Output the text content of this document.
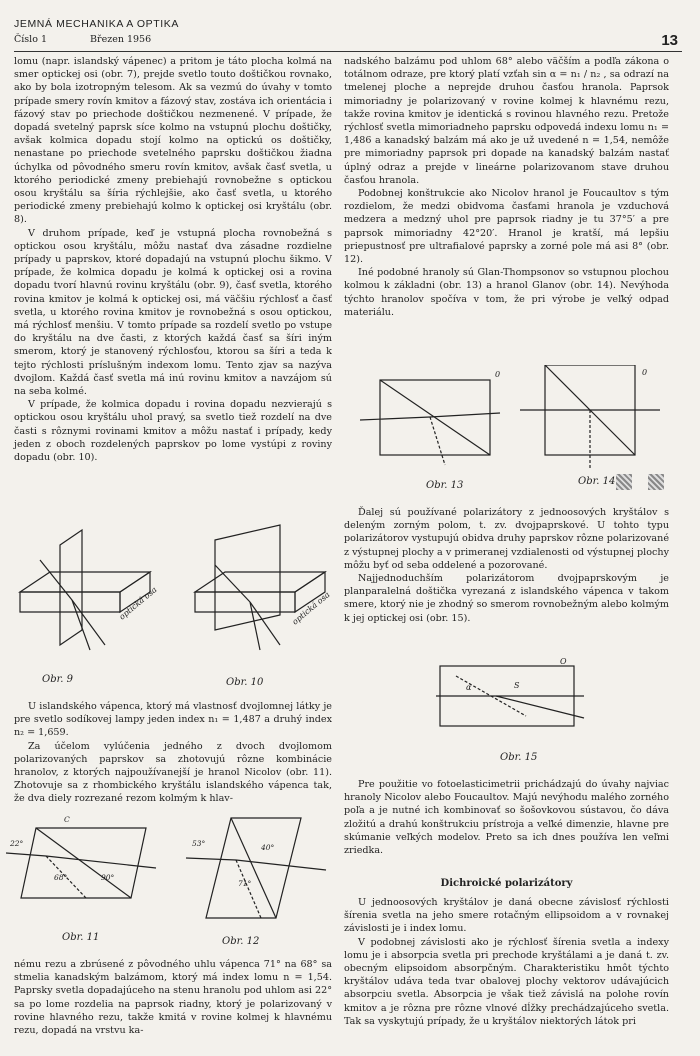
JEMNÁ MECHANIKA A OPTIKA
Číslo 1	Březen 1956	13

lomu (napr. islandský vápenec) a pritom je táto plocha kolmá na smer optickej osi (obr. 7), prejde svetlo touto doštičkou rovnako, ako by bola izotropným telesom. Ak sa vezmú do úvahy v tomto prípade smery rovín kmitov a fázový stav, zostáva ich orientácia i fázový stav po priechode doštičkou nezmenené. V prípade, že dopadá svetelný paprsk síce kolmo na vstupnú plochu doštičky, avšak kolmica dopadu stojí kolmo na optickú os doštičky, nenastane po priechode svetelného paprsku doštičkou žiadna úchylka od pôvodného smeru rovín kmitov, avšak časť svetla, u ktorého periodické zmeny prebiehajú rovnobežne s optickou osou kryštálu sa šíria rýchlejšie, ako časť svetla, u ktorého periodické zmeny prebiehajú kolmo k optickej osi kryštálu (obr. 8).

V druhom prípade, keď je vstupná plocha rovnobežná s optickou osou kryštálu, môžu nastať dva zásadne rozdielne prípady u paprskov, ktoré dopadajú na vstupnú plochu šikmo. V prípade, že kolmica dopadu je kolmá k optickej osi a rovina dopadu tvorí hlavnú rovinu kryštálu (obr. 9), časť svetla, ktorého rovina kmitov je kolmá k optickej osi, má väčšiu rýchlosť a časť svetla, u ktorého rovina kmitov je rovnobežná s osou optickou, má rýchlosť menšiu. V tomto prípade sa rozdelí svetlo po vstupe do kryštálu na dve časti, z ktorých každá časť sa šíri iným smerom, ktorý je stanovený rýchlosťou, ktorou sa šíri a teda k tejto rýchlosti príslušným indexom lomu. Tento zjav sa nazýva dvojlom. Každá časť svetla má inú rovinu kmitov a navzájom sú na seba kolmé.

V prípade, že kolmica dopadu i rovina dopadu nezvierajú s optickou osou kryštálu uhol pravý, sa svetlo tiež rozdelí na dve časti s rôznymi rovinami kmitov a môžu nastať i prípady, kedy jeden z oboch rozdelených paprskov po lome vystúpi z roviny dopadu (obr. 10).

optická osa	optická osa
Obr. 9	Obr. 10

U islandského vápenca, ktorý má vlastnosť dvojlomnej látky je pre svetlo sodíkovej lampy jeden index n₁ = 1,487 a druhý index n₂ = 1,659.

Za účelom vylúčenia jedného z dvoch dvojlomom polarizovaných paprskov sa zhotovujú rôzne kombinácie hranolov, z ktorých najpoužívanejší je hranol Nicolov (obr. 11). Zhotovuje sa z rhombického kryštálu islandského vápenca tak, že dva diely rozrezané rezom kolmým k hlav-

22°
68°	90°
C
53°
71°
40°
Obr. 11	Obr. 12

nému rezu a zbrúsené z pôvodného uhlu vápenca 71° na 68° sa stmelia kanadským balzámom, ktorý má index lomu n = 1,54. Paprsky svetla dopadajúceho na stenu hranolu pod uhlom asi 22° sa po lome rozdelia na paprsok riadny, ktorý je polarizovaný v rovine hlavného rezu, takže kmitá v rovine kolmej k hlavnému rezu, dopadá na vrstvu ka-

nadského balzámu pod uhlom 68° alebo väčším a podľa zákona o totálnom odraze, pre ktorý platí vzťah sin α = n₁ / n₂ , sa odrazí na tmelenej ploche a neprejde druhou časťou hranola. Paprsok mimoriadny je polarizovaný v rovine kolmej k hlavnému rezu, takže rovina kmitov je identická s rovinou hlavného rezu. Pretože rýchlosť svetla mimoriadneho paprsku odpovedá indexu lomu n₁ = 1,486 a kanadský balzám má ako je už uvedené n = 1,54, nemôže pre mimoriadny paprsok pri dopade na kanadský balzám nastať úplný odraz a prejde v lineárne polarizovanom stave druhou časťou hranola.

Podobnej konštrukcie ako Nicolov hranol je Foucaultov s tým rozdielom, že medzi obidvoma časťami hranola je vzduchová medzera a medzný uhol pre paprsok riadny je tu 37°5′ a pre paprsok mimoriadny 42°20′. Hranol je kratší, má lepšiu priepustnosť pre ultrafialové paprsky a zorné pole má asi 8° (obr. 12).

Iné podobné hranoly sú Glan-Thompsonov so vstupnou plochou kolmou k základni (obr. 13) a hranol Glanov (obr. 14). Nevýhoda týchto hranolov spočíva v tom, že pri výrobe je veľký odpad materiálu.

0	0
Obr. 13	Obr. 14

Ďalej sú používané polarizátory z jednoosových kryštálov s deleným zorným polom, t. zv. dvojpaprskové. U tohto typu polarizátorov vystupujú obidva druhy paprskov rôzne polarizované z výstupnej plochy a v primeranej vzdialenosti od výstupnej plochy môžu byť od seba oddelené a pozorované.

Najjednoduchším polarizátorom dvojpaprskovým je planparalelná doštička vyrezaná z islandského vápenca v takom smere, ktorý nie je zhodný so smerom rovnobežným alebo kolmým k jej optickej osi (obr. 15).

O
S
α
Obr. 15

Pre použitie vo fotoelasticimetrii prichádzajú do úvahy najviac hranoly Nicolov alebo Foucaultov. Majú nevýhodu malého zorného poľa a je nutné ich kombinovať so šošovkovou sústavou, čo dáva zložitú a drahú konštrukciu prístroja a veľké dimenzie, hlavne pre skúmanie veľkých modelov. Preto sa ich dnes používa len veľmi zriedka.

Dichroické polarizátory

U jednoosových kryštálov je daná obecne závislosť rýchlosti šírenia svetla na jeho smere rotačným ellipsoidom a v rovnakej závislosti je i index lomu.

V podobnej závislosti ako je rýchlosť šírenia svetla a indexy lomu je i absorpcia svetla pri prechode kryštálami a je daná t. zv. obecným elipsoidom absorpčným. Charakteristiku hmôt týchto kryštálov udáva teda tvar obalovej plochy vektorov udávajúcich absorpciu svetla. Absorpcia je však tiež závislá na polohe rovín kmitov a je rôzna pre rôzne vlnové dĺžky prechádzajúceho svetla. Tak sa vyskytujú prípady, že u kryštálov niektorých látok pri
